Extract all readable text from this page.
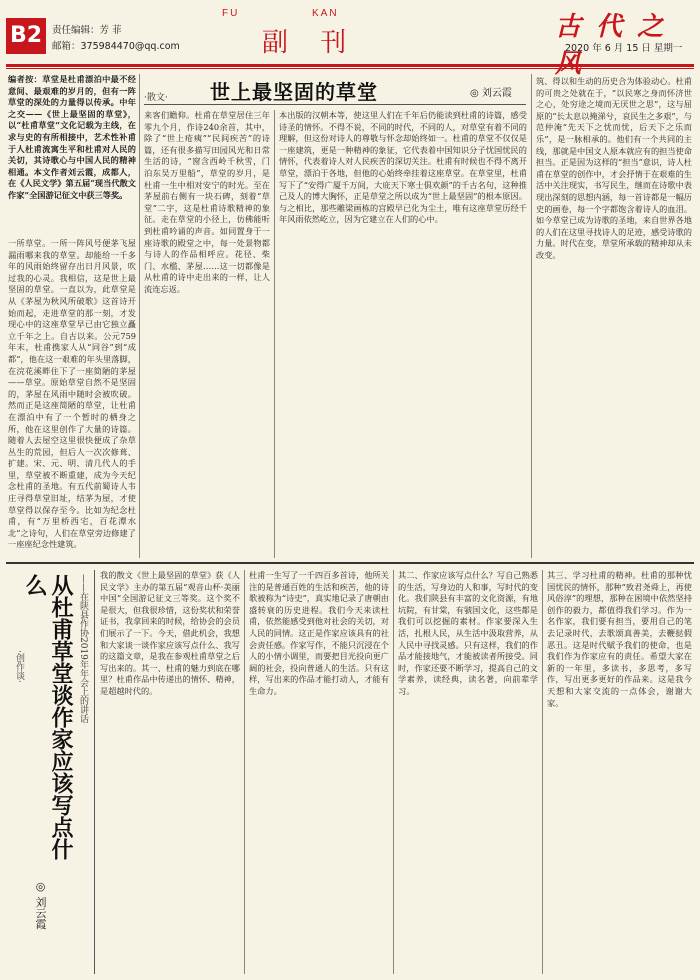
B2	责任编辑：芳 菲
邮箱：375984470@qq.com
FU	KAN
副 刊
古 代 之
2020 年 6 月 15 日 星期一
编者按：草堂是杜甫漂泊中最不经意间、最艰难的岁月的，但有一阵草堂的深处的力量得以传承。中年之交——《世上最坚固的草堂》，以“杜甫草堂”文化记载为主线，在求与史的有所相接中，艺术性补甫于人杜甫流寓生平和杜甫对人民的关切，其诗歌心与中国人民的精神相通。本文作者刘云霞，成都人，在《人民文学》第五届“现当代散文作家”全国游记征文中获三等奖。
·散文· 世上最坚固的草堂	◎ 刘云霞
一所草堂。一所一阵风号便茅飞屋漏雨哪来我的草堂。却能给一千多年的风雨始终留存出日月风景，吹过我的心灵。我相信，这是世上最坚固的草堂。一直以为，此草堂是从《茅屋为秋风所破歌》这首诗开始而起，走进草堂的那一刻，才发现心中的这座草堂早已由它独立矗立千年之上。自古以来。公元759年末，杜甫携家人从“同谷”到“成都”，他在这一艰难的年头里落脚，在浣花溪畔住下了一座简陋的茅屋——草堂。原始草堂自然不是坚固的，茅屋在风雨中随时会被吹破。然而正是这座简陋的草堂，让杜甫在漂泊中有了一个暂时的栖身之所，他在这里创作了大量的诗篇。随着人去屋空这里很快便成了杂草丛生的荒园，但后人一次次修葺、扩建。宋、元、明、清几代人的手里，草堂被不断重建，成为今天纪念杜甫的圣地。有五代前蜀诗人韦庄寻得草堂旧址，结茅为屋，才使草堂得以保存至今。比如为纪念杜甫，有“万里桥西宅，百花潭水北”之诗句，人们在草堂旁边修建了一座座纪念性建筑。
来客们瞻仰。杜甫在草堂居住三年零九个月，作诗240余首，其中，除了“世上疮痍”“民间疾苦”的诗篇，还有很多描写田园风光和日常生活的诗，“窗含西岭千秋雪，门泊东吴万里船”，草堂的岁月，是杜甫一生中相对安宁的时光。至在茅屋前右侧有一块石碑，刻着“草堂”二字，这是杜甫诗歌精神的象征。走在草堂的小径上，仿佛能听到杜甫吟诵的声音。如同置身于一座诗歌的殿堂之中，每一处景物都与诗人的作品相呼应。花径、柴门、水槛、茅屋……这一切都像是从杜甫的诗中走出来的一样，让人流连忘返。
本出版的汉朝本等，使这里人们在千年后仍能读到杜甫的诗篇，感受诗圣的情怀。不得不说，不同的时代，不同的人，对草堂有着不同的理解，但这份对诗人的尊敬与怀念却始终如一。杜甫的草堂不仅仅是一座建筑，更是一种精神的象征，它代表着中国知识分子忧国忧民的情怀，代表着诗人对人民疾苦的深切关注。杜甫有时候也不得不离开草堂，漂泊于各地，但他的心始终牵挂着这座草堂。在草堂里，杜甫写下了“安得广厦千万间，大庇天下寒士俱欢颜”的千古名句，这种推己及人的博大胸怀，正是草堂之所以成为“世上最坚固”的根本原因。与之相比，那些雕梁画栋的宫殿早已化为尘土，唯有这座草堂历经千年风雨依然屹立，因为它建立在人们的心中。
筑、得以和生动的历史合为体验动心。杜甫的可贵之处就在于，“以民寒之身而怀济世之心，处穷途之境而无厌世之思”，这与屈原的“长太息以掩涕兮，哀民生之多艰”，与范仲淹“先天下之忧而忧，后天下之乐而乐”，是一脉相承的。他们有一个共同的主线，那就是中国文人原本就应有的担当使命担当。正是因为这样的“担当”意识，诗人杜甫在草堂的创作中，才会抒情于在艰难的生活中关注现实，书写民生，继而在诗歌中表现出深刻的思想内涵，每一首诗都是一幅历史的画卷，每一个字都饱含着诗人的血泪。如今草堂已成为诗歌的圣地，来自世界各地的人们在这里寻找诗人的足迹，感受诗歌的力量。时代在变，草堂所承载的精神却从未改变。
·创作谈·	从杜甫草堂谈作家应该写点什么	——在陕县作协2019年年会上的讲话
◎ 刘云霞
我的散文《世上最坚固的草堂》获《人民文学》主办的第五届“观音山杯·美丽中国”全国游记征文三等奖。这个奖不是很大，但我很珍惜，这份奖状和荣誉证书，我拿回来的时候，给协会的会员们展示了一下。今天，借此机会，我想和大家谈一谈作家应该写点什么、我写的这篇文章，是我在参观杜甫草堂之后写出来的。其一、杜甫的魅力到底在哪里？杜甫作品中传递出的情怀、精神，是超越时代的。
杜甫一生写了一千四百多首诗，他所关注的是普通百姓的生活和疾苦，他的诗歌被称为“诗史”，真实地记录了唐朝由盛转衰的历史进程。我们今天来读杜甫，依然能感受到他对社会的关切，对人民的同情。这正是作家应该具有的社会责任感。作家写作，不能只沉浸在个人的小情小调里，而要把目光投向更广阔的社会，投向普通人的生活。只有这样，写出来的作品才能打动人，才能有生命力。
其二、作家应该写点什么？写自己熟悉的生活，写身边的人和事，写时代的变化。我们陕县有丰富的文化资源，有地坑院，有甘棠，有虢国文化，这些都是我们可以挖掘的素材。作家要深入生活，扎根人民，从生活中汲取营养，从人民中寻找灵感。只有这样，我们的作品才能接地气，才能被读者所接受。同时，作家还要不断学习，提高自己的文学素养，读经典，读名著，向前辈学习。
其三、学习杜甫的精神。杜甫的那种忧国忧民的情怀，那种“致君尧舜上，再使风俗淳”的理想，那种在困境中依然坚持创作的毅力，都值得我们学习。作为一名作家，我们要有担当，要用自己的笔去记录时代，去歌颂真善美，去鞭挞假恶丑。这是时代赋予我们的使命，也是我们作为作家应有的责任。希望大家在新的一年里，多读书，多思考，多写作，写出更多更好的作品来。这是我今天想和大家交流的一点体会，谢谢大家。
